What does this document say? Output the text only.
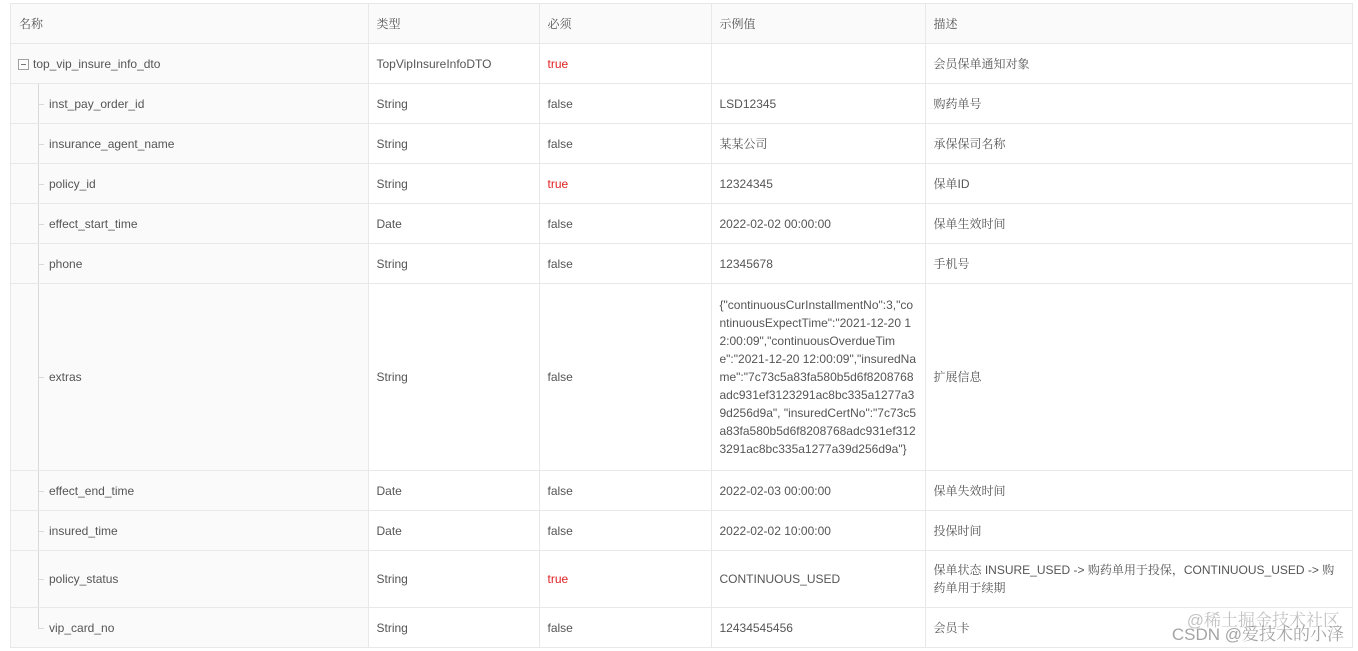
名称	类型	必须	示例值	描述
top_vip_insure_info_dto	TopVipInsureInfoDTO	true		会员保单通知对象

inst_pay_order_id	String	false	LSD12345	购药单号

insurance_agent_name	String	false	某某公司	承保保司名称

policy_id	String	true	12324345	保单ID

effect_start_time	Date	false	2022-02-02 00:00:00	保单生效时间

phone	String	false	12345678	手机号

extras	String	false	{"continuousCurInstallmentNo":3,"continuousExpectTime":"2021-12-20 12:00:09","continuousOverdueTime":"2021-12-20 12:00:09","insuredName":"7c73c5a83fa580b5d6f8208768adc931ef3123291ac8bc335a1277a39d256d9a", "insuredCertNo":"7c73c5a83fa580b5d6f8208768adc931ef3123291ac8bc335a1277a39d256d9a"}	扩展信息

effect_end_time	Date	false	2022-02-03 00:00:00	保单失效时间

insured_time	Date	false	2022-02-02 10:00:00	投保时间

policy_status	String	true	CONTINUOUS_USED	保单状态 INSURE_USED -> 购药单用于投保，CONTINUOUS_USED -> 购药单用于续期

vip_card_no	String	false	12434545456	会员卡	@稀土掘金技术社区
CSDN @爱技术的小泽
